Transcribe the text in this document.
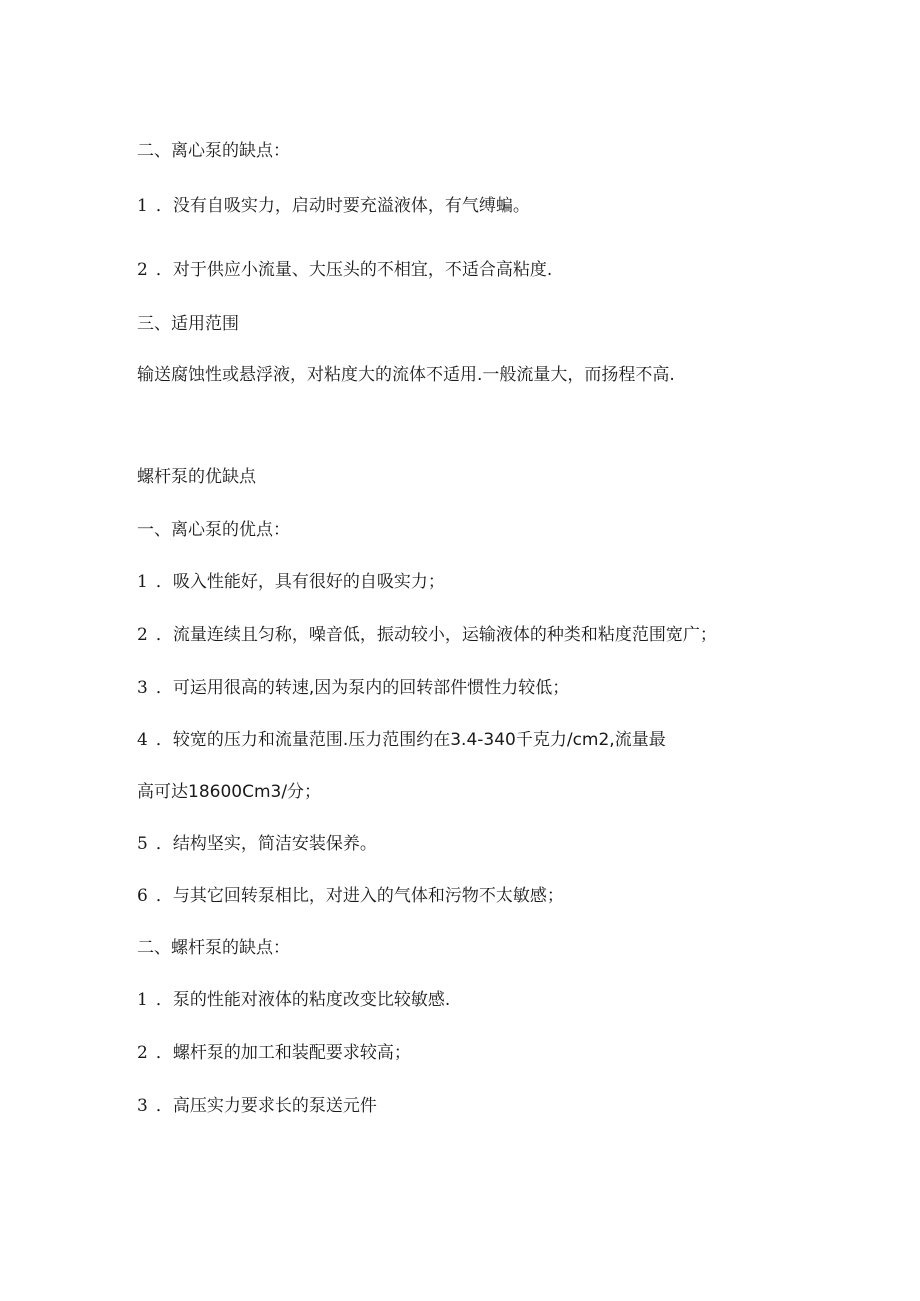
二、离心泵的缺点：
1 ．没有自吸实力，启动时要充溢液体，有气缚蝙。
2 ．对于供应小流量、大压头的不相宜，不适合高粘度.
三、适用范围
输送腐蚀性或悬浮液，对粘度大的流体不适用.一般流量大，而扬程不高.
螺杆泵的优缺点
一、离心泵的优点：
1 ．吸入性能好，具有很好的自吸实力；
2 ．流量连续且匀称，噪音低，振动较小，运输液体的种类和粘度范围宽广；
3 ．可运用很高的转速,因为泵内的回转部件惯性力较低；
4 ．较宽的压力和流量范围.压力范围约在3.4-340千克力/cm2,流量最
高可达18600Cm3/分；
5 ．结构坚实，简洁安装保养。
6 ．与其它回转泵相比，对进入的气体和污物不太敏感；
二、螺杆泵的缺点：
1 ．泵的性能对液体的粘度改变比较敏感.
2 ．螺杆泵的加工和装配要求较高；
3 ．高压实力要求长的泵送元件
